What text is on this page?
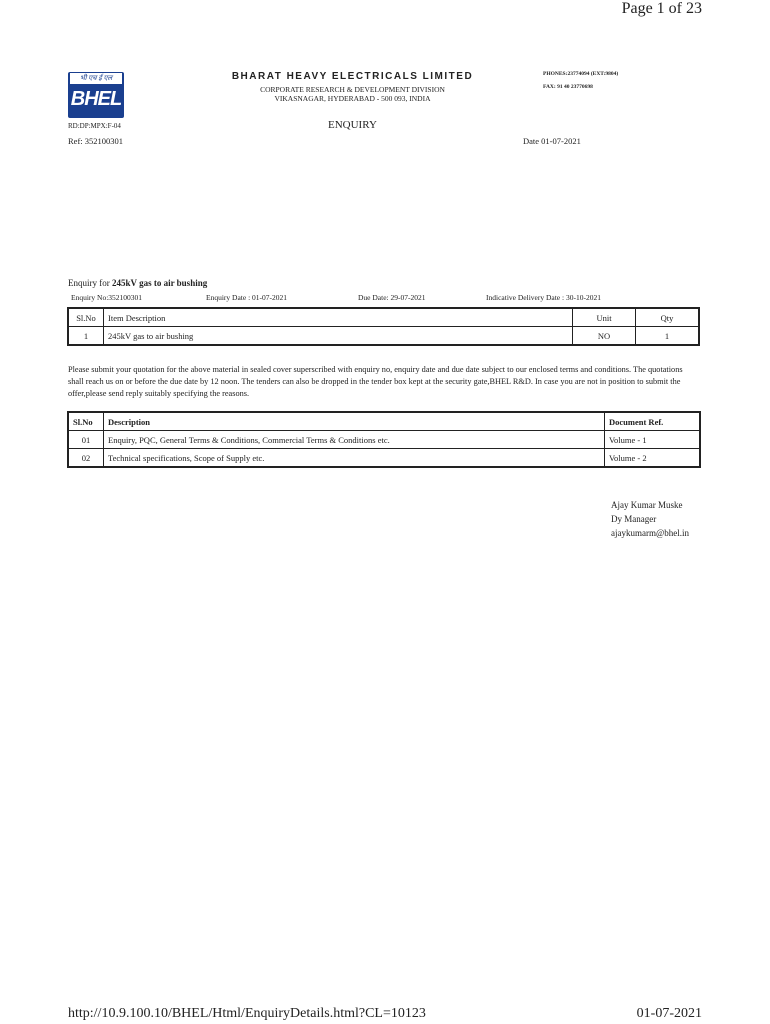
Page 1 of 23
भी एच ई एल
BHEL
BHARAT HEAVY ELECTRICALS LIMITED
CORPORATE RESEARCH & DEVELOPMENT DIVISION
VIKASNAGAR, HYDERABAD - 500 093, INDIA
PHONES:23774094 (EXT:9804)
FAX: 91 40 23770698
RD:DP:MPX:F-04	ENQUIRY
Ref: 352100301	Date 01-07-2021
Enquiry for 245kV gas to air bushing
Enquiry No:352100301	Enquiry Date : 01-07-2021	Due Date: 29-07-2021	Indicative Delivery Date : 30-10-2021
Sl.No	Item Description	Unit	Qty
1	245kV gas to air bushing	NO	1
Please submit your quotation for the above material in sealed cover superscribed with enquiry no, enquiry date and due date subject to our enclosed terms and conditions. The quotations shall reach us on or before the due date by 12 noon. The tenders can also be dropped in the tender box kept at the security gate,BHEL R&D. In case you are not in position to submit the offer,please send reply suitably specifying the reasons.
Sl.No	Description	Document Ref.
01	Enquiry, PQC, General Terms & Conditions, Commercial Terms & Conditions etc.	Volume - 1
02	Technical specifications, Scope of Supply etc.	Volume - 2
Ajay Kumar Muske
Dy Manager
ajaykumarm@bhel.in
http://10.9.100.10/BHEL/Html/EnquiryDetails.html?CL=10123	01-07-2021
